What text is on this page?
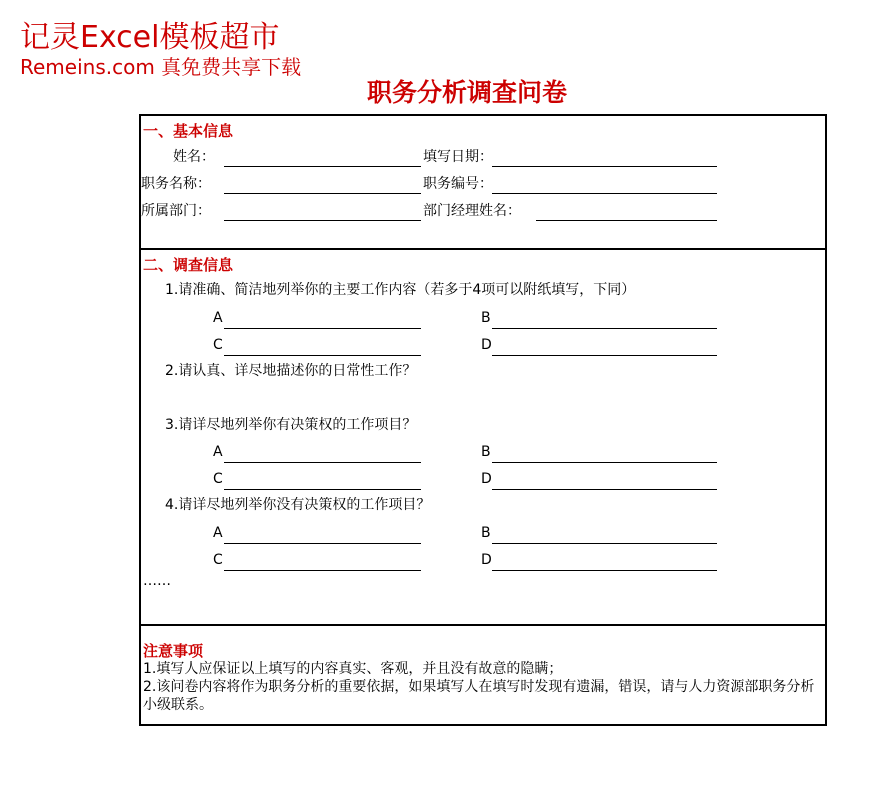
记灵Excel模板超市
Remeins.com 真免费共享下载
职务分析调查问卷
一、基本信息
姓名：	填写日期：
职务名称：	职务编号：
所属部门：	部门经理姓名：
二、调查信息
1.请准确、简洁地列举你的主要工作内容（若多于4项可以附纸填写，下同）
A	B
C	D
2.请认真、详尽地描述你的日常性工作？
3.请详尽地列举你有决策权的工作项目？
A	B
C	D
4.请详尽地列举你没有决策权的工作项目？
A	B
C	D
……
注意事项
1.填写人应保证以上填写的内容真实、客观，并且没有故意的隐瞒；
2.该问卷内容将作为职务分析的重要依据，如果填写人在填写时发现有遗漏，错误，请与人力资源部职务分析小级联系。
